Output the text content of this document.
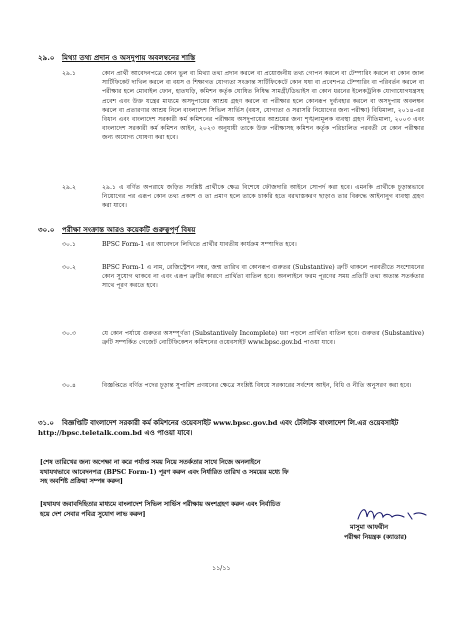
২৯.০ মিথ্যা তথ্য প্রদান ও অসদুপায় অবলম্বনের শাস্তি
২৯.১	কোন প্রার্থী আবেদনপত্রে কোন ভুল বা মিথ্যা তথ্য প্রদান করলে বা প্রয়োজনীয় তথ্য গোপন করলে বা টেম্পারিং করলে বা কোন জাল সার্টিফিকেট দাখিল করলে বা বয়স ও শিক্ষাগত যোগ্যতা সংক্রান্ত সার্টিফিকেটে কোন ঘষা বা প্রবেশপত্র টেম্পারিং বা পরিবর্তন করলে বা পরীক্ষার হলে মোবাইল ফোন, হাতঘড়ি, কমিশন কর্তৃক ঘোষিত নিষিদ্ধ সামগ্রী/ডিভাইস বা কোন ধরনের ইলেকট্রনিক যোগাযোগযন্ত্রসহ প্রবেশ এবং উক্ত যন্ত্রের মাধ্যমে অসদুপায়ের আশ্রয় গ্রহণ করলে বা পরীক্ষার হলে কোনরূপ দুর্ব্যবহার করলে বা অসদুপায় অবলম্বন করলে বা প্রতারণার আশ্রয় নিলে বাংলাদেশ সিভিল সার্ভিস (বয়স, যোগ্যতা ও সরাসরি নিয়োগের জন্য পরীক্ষা) বিধিমালা, ২০১৪-এর বিধান এবং বাংলাদেশ সরকারী কর্ম কমিশনের পরীক্ষায় অসদুপায়ের আশ্রয়ের জন্য শৃঙ্খলামূলক ব্যবস্থা গ্রহণ নীতিমালা, ২০০৩ এবং বাংলাদেশ সরকারী কর্ম কমিশন আইন, ২০২৩ অনুযায়ী তাকে উক্ত পরীক্ষাসহ কমিশন কর্তৃক পরিচালিত পরবর্তী যে কোন পরীক্ষার জন্য অযোগ্য ঘোষণা করা হবে।
২৯.২	২৯.১ এ বর্ণিত অপরাধে জড়িত সংশ্লিষ্ট প্রার্থীকে ক্ষেত্র বিশেষে ফৌজদারি আইনে সোপর্দ করা হবে। এমনকি প্রার্থীকে চূড়ান্তভাবে নিয়োগের পর এরূপ কোন তথ্য প্রকাশ ও তা প্রমাণ হলে তাকে চাকরি হতে বরখাস্তকরণ ছাড়াও তার বিরুদ্ধে আইনানুগ ব্যবস্থা গ্রহণ করা যাবে।
৩০.০ পরীক্ষা সংক্রান্ত আরও কয়েকটি গুরুত্বপূর্ণ বিষয়
৩০.১	BPSC Form-1 এর আবেদনে লিখিতে প্রার্থীর যাবতীয় কার্যক্রম সম্পাদিত হবে।
৩০.২	BPSC Form-1 এ নাম, রেজিস্ট্রেশন নম্বর, জন্ম তারিখ বা কোনরূপ গুরুতর (Substantive) ত্রুটি থাকলে পরবর্তীতে সংশোধনের কোন সুযোগ থাকবে না এবং এরূপ ত্রুটির কারণে প্রার্থিতা বাতিল হবে। অনলাইনে ফরম পূরণের সময় প্রতিটি তথ্য অত্যন্ত সতর্কতার সাথে পূরণ করতে হবে।
৩০.৩	যে কোন পর্যায়ে গুরুতর অসম্পূর্ণতা (Substantively Incomplete) ধরা পড়লে প্রার্থিতা বাতিল হবে। গুরুতর (Substantive) ত্রুটি সম্পর্কিত গেজেট নোটিফিকেশন কমিশনের ওয়েবসাইট www.bpsc.gov.bd পাওয়া যাবে।
৩০.৪	বিজ্ঞপ্তিতে বর্ণিত পদের চূড়ান্ত সুপারিশ প্রণয়নের ক্ষেত্রে সংশ্লিষ্ট বিষয়ে সরকারের সর্বশেষ আইন, বিধি ও নীতি অনুসরণ করা হবে।
৩১.০ বিজ্ঞপ্তিটি বাংলাদেশ সরকারী কর্ম কমিশনের ওয়েবসাইট www.bpsc.gov.bd এবং টেলিটক বাংলাদেশ লি.এর ওয়েবসাইট http://bpsc.teletalk.com.bd এও পাওয়া যাবে।
[শেষ তারিখের জন্য অপেক্ষা না করে পর্যাপ্ত সময় নিয়ে সতর্কতার সাথে নিজে অনলাইনে যথাযথভাবে আবেদনপত্র (BPSC Form-1) পূরণ করুন এবং নির্ধারিত তারিখ ও সময়ের মধ্যে ফি সহ অবশিষ্ট প্রক্রিয়া সম্পন্ন করুন]
[যথাযথ জবাবদিহিতার মাধ্যমে বাংলাদেশ সিভিল সার্ভিস পরীক্ষায় অংশগ্রহণ করুন এবং নির্বাচিত হয়ে দেশ সেবার পবিত্র সুযোগ লাভ করুন]
মাসুমা আফরীন
পরীক্ষা নিয়ন্ত্রক (ক্যাডার)
১১/১১
